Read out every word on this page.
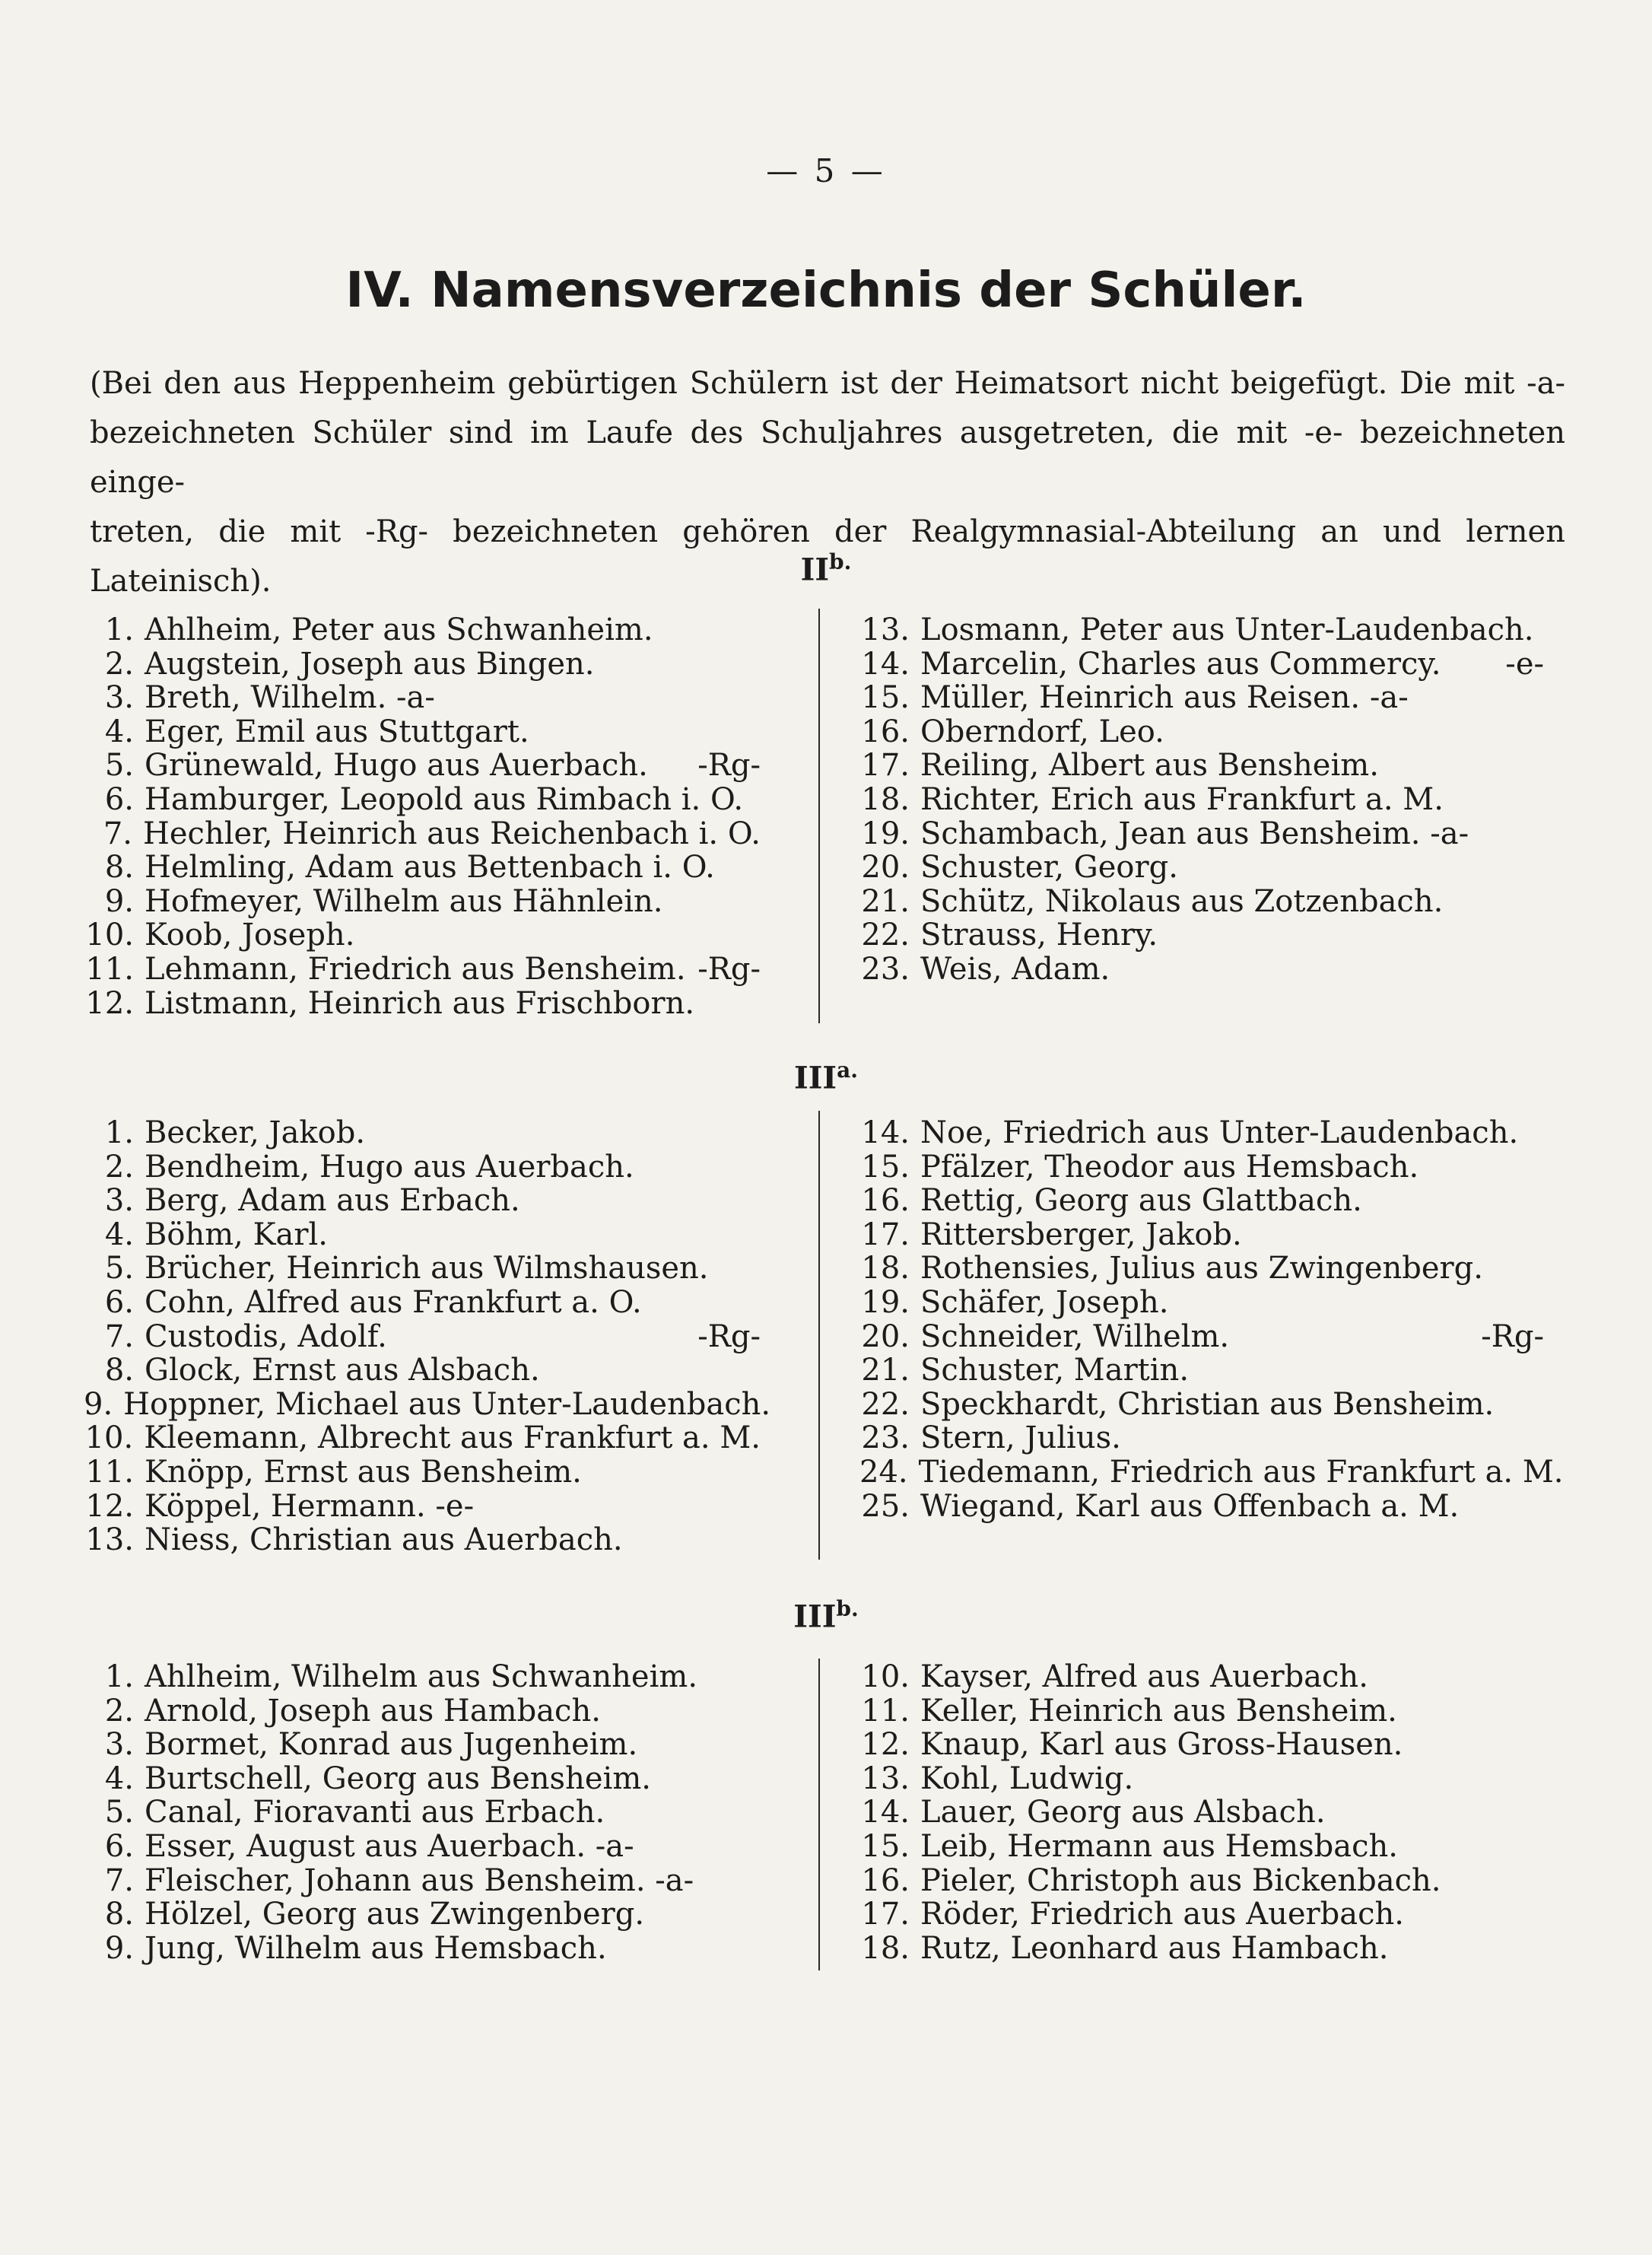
— 5 —
IV. Namensverzeichnis der Schüler.
(Bei den aus Heppenheim gebürtigen Schülern ist der Heimatsort nicht beigefügt. Die mit -a-
bezeichneten Schüler sind im Laufe des Schuljahres ausgetreten, die mit -e- bezeichneten einge-
treten, die mit -Rg- bezeichneten gehören der Realgymnasial-Abteilung an und lernen Lateinisch).	$II^{b.}$
1. Ahlheim, Peter aus Schwanheim.
2. Augstein, Joseph aus Bingen.
3. Breth, Wilhelm. -a-
4. Eger, Emil aus Stuttgart.
5. Grünewald, Hugo aus Auerbach. -Rg-
6. Hamburger, Leopold aus Rimbach i. O.
7. Hechler, Heinrich aus Reichenbach i. O.
8. Helmling, Adam aus Bettenbach i. O.
9. Hofmeyer, Wilhelm aus Hähnlein.
10. Koob, Joseph.
11. Lehmann, Friedrich aus Bensheim. -Rg-
12. Listmann, Heinrich aus Frischborn.
13. Losmann, Peter aus Unter-Laudenbach.
14. Marcelin, Charles aus Commercy. -e-
15. Müller, Heinrich aus Reisen. -a-
16. Oberndorf, Leo.
17. Reiling, Albert aus Bensheim.
18. Richter, Erich aus Frankfurt a. M.
19. Schambach, Jean aus Bensheim. -a-
20. Schuster, Georg.
21. Schütz, Nikolaus aus Zotzenbach.
22. Strauss, Henry.
23. Weis, Adam.
$III^{a.}$
1. Becker, Jakob.
2. Bendheim, Hugo aus Auerbach.
3. Berg, Adam aus Erbach.
4. Böhm, Karl.
5. Brücher, Heinrich aus Wilmshausen.
6. Cohn, Alfred aus Frankfurt a. O.
7. Custodis, Adolf.	-Rg-
8. Glock, Ernst aus Alsbach.
9. Hoppner, Michael aus Unter-Laudenbach.
10. Kleemann, Albrecht aus Frankfurt a. M.
11. Knöpp, Ernst aus Bensheim.
12. Köppel, Hermann. -e-
13. Niess, Christian aus Auerbach.
14. Noe, Friedrich aus Unter-Laudenbach.
15. Pfälzer, Theodor aus Hemsbach.
16. Rettig, Georg aus Glattbach.
17. Rittersberger, Jakob.
18. Rothensies, Julius aus Zwingenberg.
19. Schäfer, Joseph.
20. Schneider, Wilhelm.	-Rg-
21. Schuster, Martin.
22. Speckhardt, Christian aus Bensheim.
23. Stern, Julius.
24. Tiedemann, Friedrich aus Frankfurt a. M.
25. Wiegand, Karl aus Offenbach a. M.
$III^{b.}$
1. Ahlheim, Wilhelm aus Schwanheim.
2. Arnold, Joseph aus Hambach.
3. Bormet, Konrad aus Jugenheim.
4. Burtschell, Georg aus Bensheim.
5. Canal, Fioravanti aus Erbach.
6. Esser, August aus Auerbach. -a-
7. Fleischer, Johann aus Bensheim. -a-
8. Hölzel, Georg aus Zwingenberg.
9. Jung, Wilhelm aus Hemsbach.
10. Kayser, Alfred aus Auerbach.
11. Keller, Heinrich aus Bensheim.
12. Knaup, Karl aus Gross-Hausen.
13. Kohl, Ludwig.
14. Lauer, Georg aus Alsbach.
15. Leib, Hermann aus Hemsbach.
16. Pieler, Christoph aus Bickenbach.
17. Röder, Friedrich aus Auerbach.
18. Rutz, Leonhard aus Hambach.
